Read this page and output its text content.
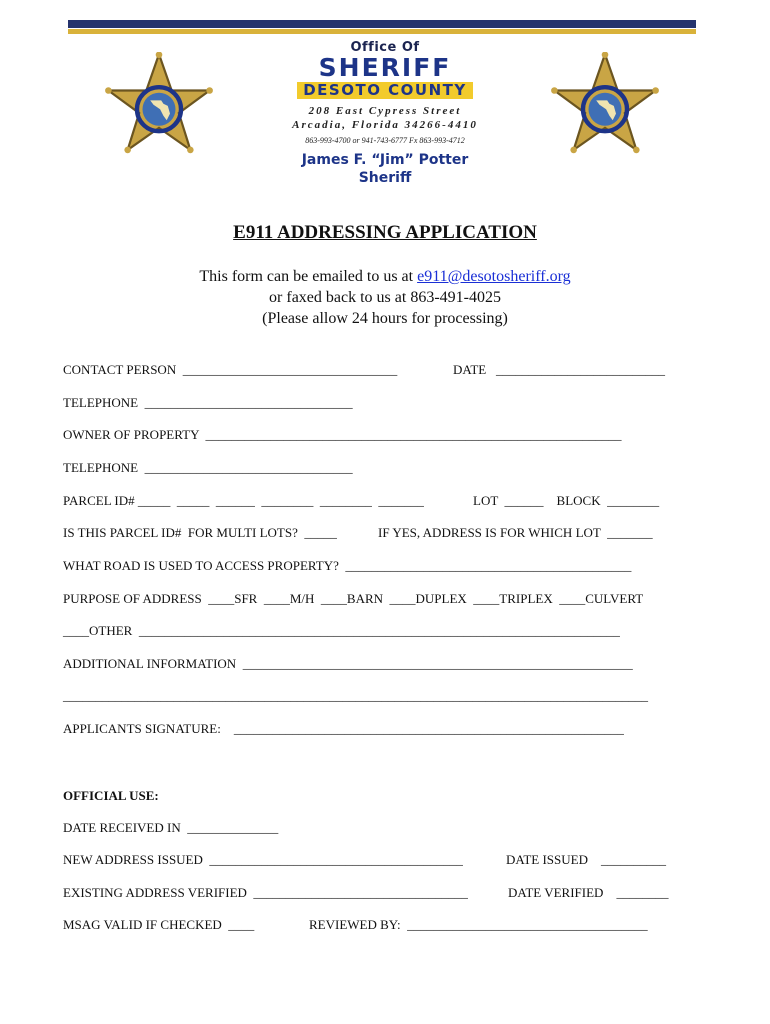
Office Of
SHERIFF
DESOTO COUNTY
208 East Cypress Street
Arcadia, Florida 34266-4410
863-993-4700 or 941-743-6777 Fx 863-993-4712
James F. “Jim” Potter
Sheriff
E911 ADDRESSING APPLICATION
This form can be emailed to us at e911@desotosheriff.org
or faxed back to us at 863-491-4025
(Please allow 24 hours for processing)
CONTACT PERSON  _________________________________	DATE   __________________________
TELEPHONE  ________________________________
OWNER OF PROPERTY  ________________________________________________________________
TELEPHONE  ________________________________
PARCEL ID# _____  _____  ______  ________  ________  _______	LOT  ______    BLOCK  ________
IS THIS PARCEL ID#  FOR MULTI LOTS?  _____	IF YES, ADDRESS IS FOR WHICH LOT  _______
WHAT ROAD IS USED TO ACCESS PROPERTY?  ____________________________________________
PURPOSE OF ADDRESS  ____SFR  ____M/H  ____BARN  ____DUPLEX  ____TRIPLEX  ____CULVERT
____OTHER  __________________________________________________________________________
ADDITIONAL INFORMATION  ____________________________________________________________
__________________________________________________________________________________________
APPLICANTS SIGNATURE:    ____________________________________________________________
OFFICIAL USE:
DATE RECEIVED IN  ______________
NEW ADDRESS ISSUED  _______________________________________	DATE ISSUED    __________
EXISTING ADDRESS VERIFIED  _________________________________	DATE VERIFIED    ________
MSAG VALID IF CHECKED  ____	REVIEWED BY:  _____________________________________
